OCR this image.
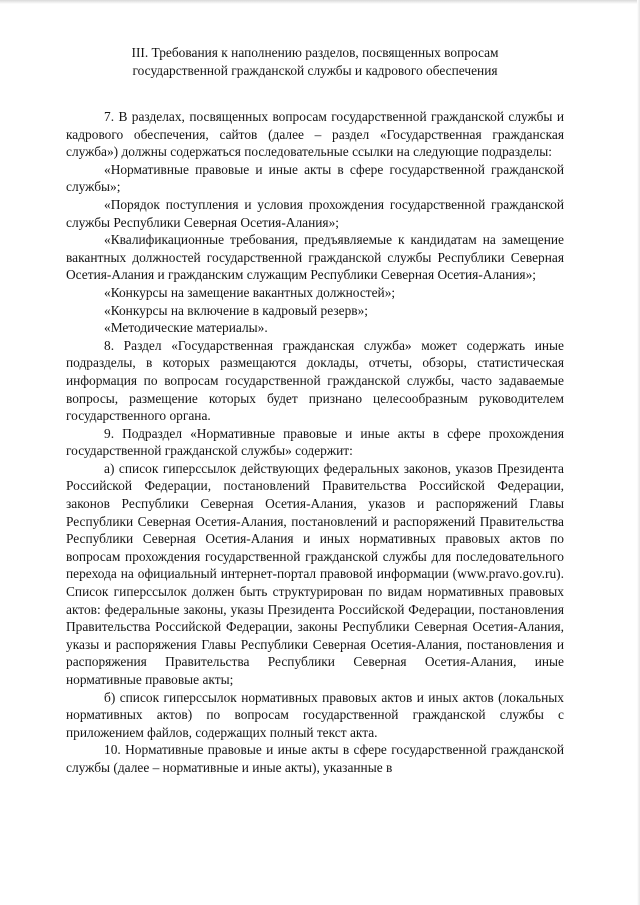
III. Требования к наполнению разделов, посвященных вопросам
государственной гражданской службы и кадрового обеспечения

7. В разделах, посвященных вопросам государственной гражданской службы и кадрового обеспечения, сайтов (далее – раздел «Государственная гражданская служба») должны содержаться последовательные ссылки на следующие подразделы:

«Нормативные правовые и иные акты в сфере государственной гражданской службы»;

«Порядок поступления и условия прохождения государственной гражданской службы Республики Северная Осетия-Алания»;

«Квалификационные требования, предъявляемые к кандидатам на замещение вакантных должностей государственной гражданской службы Республики Северная Осетия-Алания и гражданским служащим Республики Северная Осетия-Алания»;

«Конкурсы на замещение вакантных должностей»;

«Конкурсы на включение в кадровый резерв»;

«Методические материалы».

8. Раздел «Государственная гражданская служба» может содержать иные подразделы, в которых размещаются доклады, отчеты, обзоры, статистическая информация по вопросам государственной гражданской службы, часто задаваемые вопросы, размещение которых будет признано целесообразным руководителем государственного органа.

9. Подраздел «Нормативные правовые и иные акты в сфере прохождения государственной гражданской службы» содержит:

а) список гиперссылок действующих федеральных законов, указов Президента Российской Федерации, постановлений Правительства Российской Федерации, законов Республики Северная Осетия-Алания, указов и распоряжений Главы Республики Северная Осетия-Алания, постановлений и распоряжений Правительства Республики Северная Осетия-Алания и иных нормативных правовых актов по вопросам прохождения государственной гражданской службы для последовательного перехода на официальный интернет-портал правовой информации (www.pravo.gov.ru). Список гиперссылок должен быть структурирован по видам нормативных правовых актов: федеральные законы, указы Президента Российской Федерации, постановления Правительства Российской Федерации, законы Республики Северная Осетия-Алания, указы и распоряжения Главы Республики Северная Осетия-Алания, постановления и распоряжения Правительства Республики Северная Осетия-Алания, иные нормативные правовые акты;

б) список гиперссылок нормативных правовых актов и иных актов (локальных нормативных актов) по вопросам государственной гражданской службы с приложением файлов, содержащих полный текст акта.

10. Нормативные правовые и иные акты в сфере государственной гражданской службы (далее – нормативные и иные акты), указанные в
